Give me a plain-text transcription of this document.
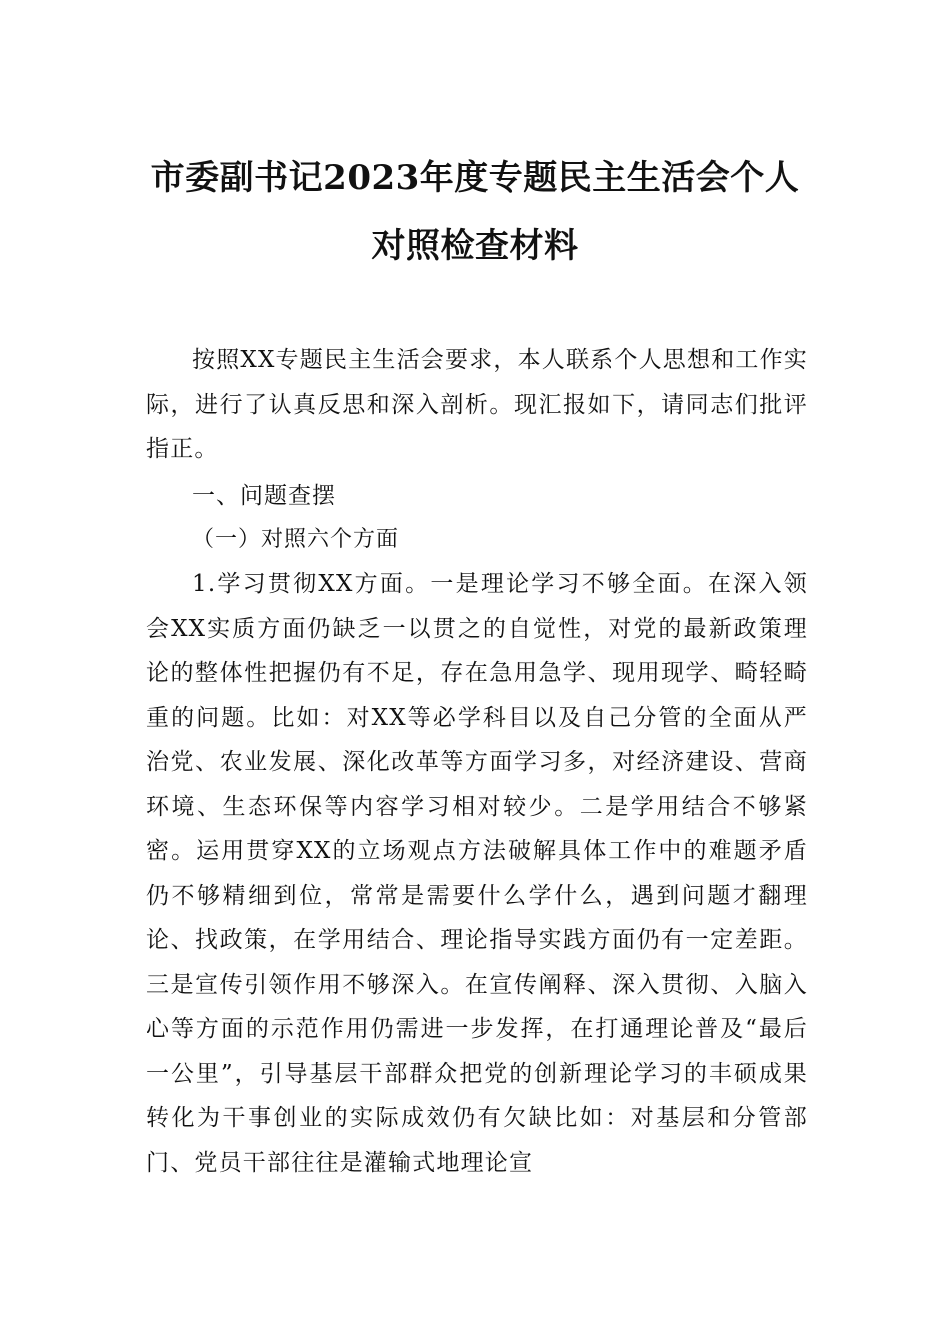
市委副书记2023年度专题民主生活会个人
对照检查材料

按照XX专题民主生活会要求，本人联系个人思想和工作实际，进行了认真反思和深入剖析。现汇报如下，请同志们批评指正。

一、问题查摆
（一）对照六个方面

1.学习贯彻XX方面。一是理论学习不够全面。在深入领会XX实质方面仍缺乏一以贯之的自觉性，对党的最新政策理论的整体性把握仍有不足，存在急用急学、现用现学、畸轻畸重的问题。比如：对XX等必学科目以及自己分管的全面从严治党、农业发展、深化改革等方面学习多，对经济建设、营商环境、生态环保等内容学习相对较少。二是学用结合不够紧密。运用贯穿XX的立场观点方法破解具体工作中的难题矛盾仍不够精细到位，常常是需要什么学什么，遇到问题才翻理论、找政策，在学用结合、理论指导实践方面仍有一定差距。三是宣传引领作用不够深入。在宣传阐释、深入贯彻、入脑入心等方面的示范作用仍需进一步发挥，在打通理论普及“最后一公里”，引导基层干部群众把党的创新理论学习的丰硕成果转化为干事创业的实际成效仍有欠缺比如：对基层和分管部门、党员干部往往是灌输式地理论宣
